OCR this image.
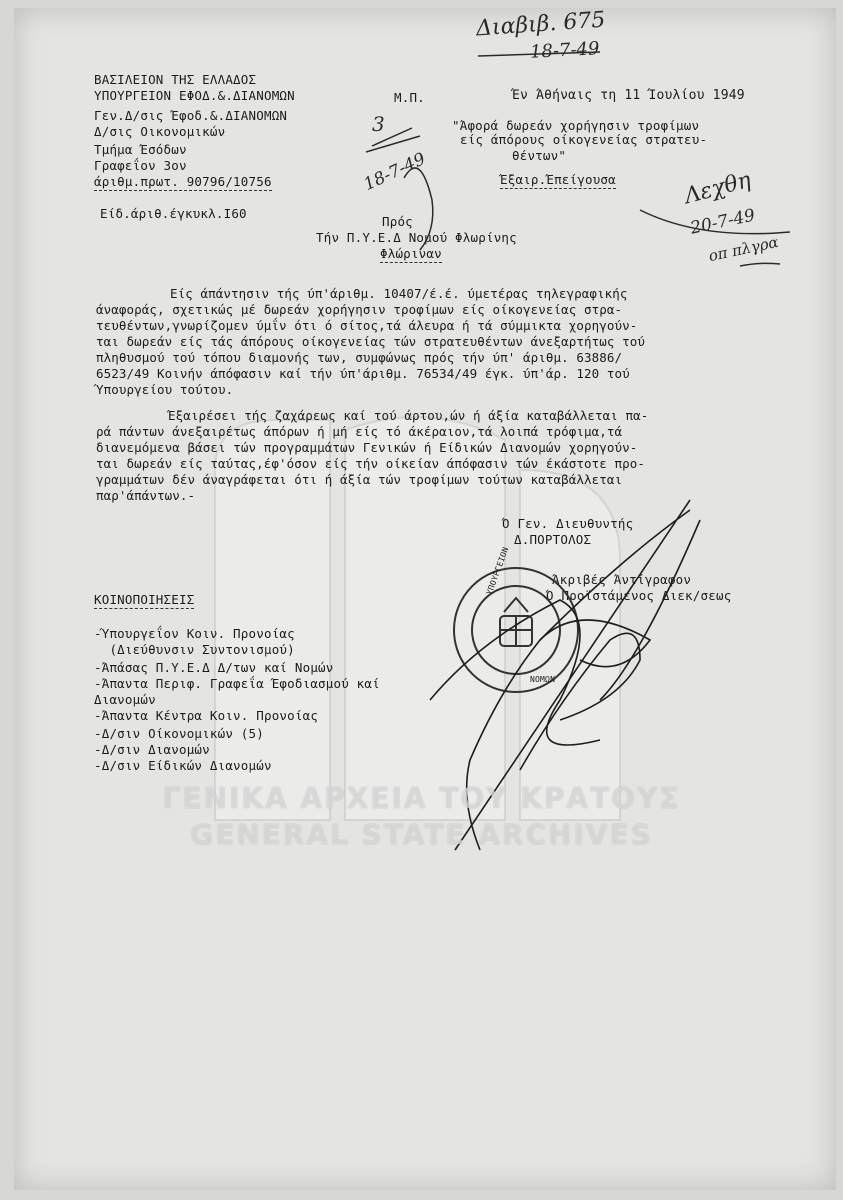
Διαβιβ. 675
18-7-49
3
18-7-49	Λεχθη
20-7-49
οπ πλγρα
ΒΑΣΙΛΕΙΟΝ ΤΗΣ ΕΛΛΑΔΟΣ
ΥΠΟΥΡΓΕΙΟΝ ΕΦΟΔ.&.ΔΙΑΝΟΜΩΝ
Γεν.Δ/σις Έφοδ.&.ΔΙΑΝΟΜΩΝ
Δ/σις Οικονομικών
Τμήμα Έσόδων
Γραφεΐον 3ον
άριθμ.πρωτ. 90796/10756
Είδ.άριθ.έγκυκλ.Ι60
Μ.Π.	Έν Άθήναις τη 11 Ίουλίου 1949
"Άφορά δωρεάν χορήγησιν τροφίμων
είς άπόρους οίκογενείας στρατευ-
θέντων"
Έξαιρ.Έπείγουσα
Πρός
Τήν Π.Υ.Ε.Δ Νομού Φλωρίνης
Φλώριναν
Είς άπάντησιν τής ύπ'άριθμ. 10407/έ.έ. ύμετέρας τηλεγραφικής
άναφοράς, σχετικώς μέ δωρεάν χορήγησιν τροφίμων είς οίκογενείας στρα-
τευθέντων,γνωρίζομεν ύμΐν ότι ό σίτος,τά άλευρα ή τά σύμμικτα χορηγούν-
ται δωρεάν είς τάς άπόρους οίκογενείας τών στρατευθέντων άνεξαρτήτως τού
πληθυσμού τού τόπου διαμονής των, συμφώνως πρός τήν ύπ' άριθμ. 63886/
6523/49 Κοινήν άπόφασιν καί τήν ύπ'άριθμ. 76534/49 έγκ. ύπ'άρ. 120 τού
Ύπουργείου τούτου.
Έξαιρέσει τής ζαχάρεως καί τού άρτου,ών ή άξία καταβάλλεται πα-
ρά πάντων άνεξαιρέτως άπόρων ή μή είς τό άκέραιον,τά λοιπά τρόφιμα,τά
διανεμόμενα βάσει τών προγραμμάτων Γενικών ή Είδικών Διανομών χορηγούν-
ται δωρεάν είς ταύτας,έφ'όσον είς τήν οίκείαν άπόφασιν τών έκάστοτε προ-
γραμμάτων δέν άναγράφεται ότι ή άξία τών τροφίμων τούτων καταβάλλεται
παρ'άπάντων.-
Ό Γεν. Διευθυντής
Δ.ΠΟΡΤΟΛΟΣ
Άκριβές Άντίγραφον
Ό Προϊστάμενος Διεκ/σεως
ΚΟΙΝΟΠΟΙΗΣΕΙΣ
-Ύπουργεΐον Κοιν. Προνοίας
(Διεύθυνσιν Συντονισμού)
-Άπάσας Π.Υ.Ε.Δ Δ/των καί Νομών
-Άπαντα Περιφ. Γραφεΐα Έφοδιασμού καί
Διανομών
-Άπαντα Κέντρα Κοιν. Προνοίας
-Δ/σιν Οίκονομικών (5)
-Δ/σιν Διανομών
-Δ/σιν Είδικών Διανομών
ΥΠΟΥΡΓΕΙΟΝ
ΝΟΜΩΝ
ΓΕΝΙΚΑ ΑΡΧΕΙΑ ΤΟΥ ΚΡΑΤΟΥΣ
GENERAL STATE ARCHIVES
